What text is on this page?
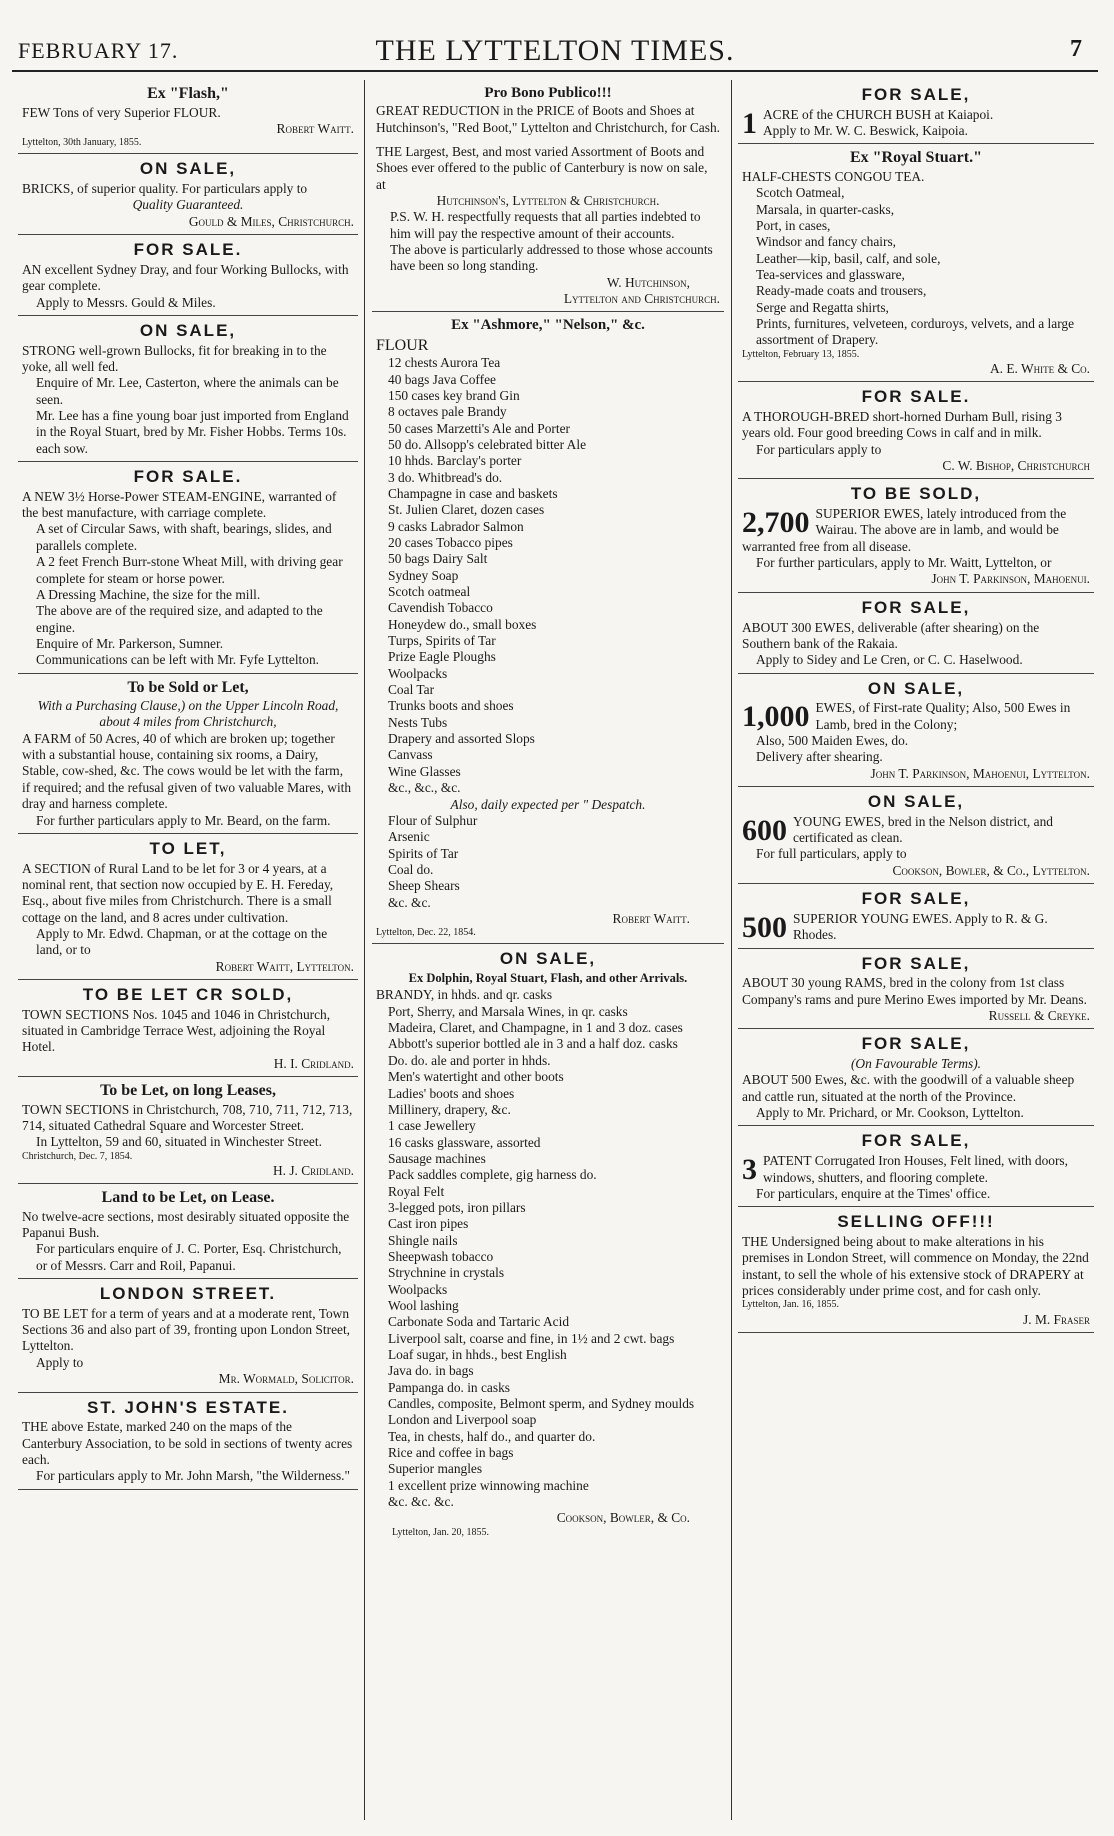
FEBRUARY 17.	THE LYTTELTON TIMES.	7
Ex "Flash,"

FEW Tons of very Superior FLOUR.

Robert Waitt.

Lyttelton, 30th January, 1855.

ON SALE,

BRICKS, of superior quality. For particulars apply to

Quality Guaranteed.

Gould & Miles, Christchurch.

FOR SALE.

AN excellent Sydney Dray, and four Working Bullocks, with gear complete.

Apply to Messrs. Gould & Miles.

ON SALE,

STRONG well-grown Bullocks, fit for breaking in to the yoke, all well fed.

Enquire of Mr. Lee, Casterton, where the animals can be seen.

Mr. Lee has a fine young boar just imported from England in the Royal Stuart, bred by Mr. Fisher Hobbs. Terms 10s. each sow.

FOR SALE.

A NEW 3½ Horse-Power STEAM-ENGINE, warranted of the best manufacture, with carriage complete.

A set of Circular Saws, with shaft, bearings, slides, and parallels complete.

A 2 feet French Burr-stone Wheat Mill, with driving gear complete for steam or horse power.

A Dressing Machine, the size for the mill.

The above are of the required size, and adapted to the engine.

Enquire of Mr. Parkerson, Sumner.

Communications can be left with Mr. Fyfe Lyttelton.

To be Sold or Let,

With a Purchasing Clause,) on the Upper Lincoln Road, about 4 miles from Christchurch,

A FARM of 50 Acres, 40 of which are broken up; together with a substantial house, containing six rooms, a Dairy, Stable, cow-shed, &c. The cows would be let with the farm, if required; and the refusal given of two valuable Mares, with dray and harness complete.

For further particulars apply to Mr. Beard, on the farm.

TO LET,

A SECTION of Rural Land to be let for 3 or 4 years, at a nominal rent, that section now occupied by E. H. Fereday, Esq., about five miles from Christchurch. There is a small cottage on the land, and 8 acres under cultivation.

Apply to Mr. Edwd. Chapman, or at the cottage on the land, or to

Robert Waitt, Lyttelton.

TO BE LET CR SOLD,

TOWN SECTIONS Nos. 1045 and 1046 in Christchurch, situated in Cambridge Terrace West, adjoining the Royal Hotel.

H. I. Cridland.

To be Let, on long Leases,

TOWN SECTIONS in Christchurch, 708, 710, 711, 712, 713, 714, situated Cathedral Square and Worcester Street.

In Lyttelton, 59 and 60, situated in Winchester Street.

Christchurch, Dec. 7, 1854.

H. J. Cridland.

Land to be Let, on Lease.

No twelve-acre sections, most desirably situated opposite the Papanui Bush.

For particulars enquire of J. C. Porter, Esq. Christchurch, or of Messrs. Carr and Roil, Papanui.

LONDON STREET.

TO BE LET for a term of years and at a moderate rent, Town Sections 36 and also part of 39, fronting upon London Street, Lyttelton.

Apply to

Mr. Wormald, Solicitor.

ST. JOHN'S ESTATE.

THE above Estate, marked 240 on the maps of the Canterbury Association, to be sold in sections of twenty acres each.

For particulars apply to Mr. John Marsh, "the Wilderness."

Pro Bono Publico!!!

GREAT REDUCTION in the PRICE of Boots and Shoes at Hutchinson's, "Red Boot," Lyttelton and Christchurch, for Cash.

THE Largest, Best, and most varied Assortment of Boots and Shoes ever offered to the public of Canterbury is now on sale, at

Hutchinson's, Lyttelton & Christchurch.

P.S. W. H. respectfully requests that all parties indebted to him will pay the respective amount of their accounts.

The above is particularly addressed to those whose accounts have been so long standing.

W. Hutchinson,

Lyttelton and Christchurch.

Ex "Ashmore," "Nelson," &c.

FLOUR

12 chests Aurora Tea

40 bags Java Coffee

150 cases key brand Gin

8 octaves pale Brandy

50 cases Marzetti's Ale and Porter

50 do. Allsopp's celebrated bitter Ale

10 hhds. Barclay's porter

3 do. Whitbread's do.

Champagne in case and baskets

St. Julien Claret, dozen cases

9 casks Labrador Salmon

20 cases Tobacco pipes

50 bags Dairy Salt

Sydney Soap

Scotch oatmeal

Cavendish Tobacco

Honeydew do., small boxes

Turps, Spirits of Tar

Prize Eagle Ploughs

Woolpacks

Coal Tar

Trunks boots and shoes

Nests Tubs

Drapery and assorted Slops

Canvass

Wine Glasses

&c., &c., &c.

Also, daily expected per " Despatch.

Flour of Sulphur

Arsenic

Spirits of Tar

Coal do.

Sheep Shears

&c. &c.

Robert Waitt.

Lyttelton, Dec. 22, 1854.

ON SALE,
Ex Dolphin, Royal Stuart, Flash, and other Arrivals.

BRANDY, in hhds. and qr. casks

Port, Sherry, and Marsala Wines, in qr. casks

Madeira, Claret, and Champagne, in 1 and 3 doz. cases

Abbott's superior bottled ale in 3 and a half doz. casks

Do. do. ale and porter in hhds.

Men's watertight and other boots

Ladies' boots and shoes

Millinery, drapery, &c.

1 case Jewellery

16 casks glassware, assorted

Sausage machines

Pack saddles complete, gig harness do.

Royal Felt

3-legged pots, iron pillars

Cast iron pipes

Shingle nails

Sheepwash tobacco

Strychnine in crystals

Woolpacks

Wool lashing

Carbonate Soda and Tartaric Acid

Liverpool salt, coarse and fine, in 1½ and 2 cwt. bags

Loaf sugar, in hhds., best English

Java do. in bags

Pampanga do. in casks

Candles, composite, Belmont sperm, and Sydney moulds

London and Liverpool soap

Tea, in chests, half do., and quarter do.

Rice and coffee in bags

Superior mangles

1 excellent prize winnowing machine

&c. &c. &c.

Cookson, Bowler, & Co.

Lyttelton, Jan. 20, 1855.

FOR SALE,
1 ACRE of the CHURCH BUSH at Kaiapoi.

Apply to Mr. W. C. Beswick, Kaipoia.

Ex "Royal Stuart."

HALF-CHESTS CONGOU TEA.

Scotch Oatmeal,

Marsala, in quarter-casks,

Port, in cases,

Windsor and fancy chairs,

Leather—kip, basil, calf, and sole,

Tea-services and glassware,

Ready-made coats and trousers,

Serge and Regatta shirts,

Prints, furnitures, velveteen, corduroys, velvets, and a large assortment of Drapery.

Lyttelton, February 13, 1855.

A. E. White & Co.

FOR SALE.

A THOROUGH-BRED short-horned Durham Bull, rising 3 years old. Four good breeding Cows in calf and in milk.

For particulars apply to

C. W. Bishop, Christchurch

TO BE SOLD,
2,700 SUPERIOR EWES, lately introduced from the Wairau. The above are in lamb, and would be warranted free from all disease.

For further particulars, apply to Mr. Waitt, Lyttelton, or

John T. Parkinson, Mahoenui.

FOR SALE,

ABOUT 300 EWES, deliverable (after shearing) on the Southern bank of the Rakaia.

Apply to Sidey and Le Cren, or C. C. Haselwood.

ON SALE,
1,000 EWES, of First-rate Quality; Also, 500 Ewes in Lamb, bred in the Colony;

Also, 500 Maiden Ewes, do.

Delivery after shearing.

John T. Parkinson, Mahoenui, Lyttelton.

ON SALE,
600 YOUNG EWES, bred in the Nelson district, and certificated as clean.

For full particulars, apply to

Cookson, Bowler, & Co., Lyttelton.

FOR SALE,
500 SUPERIOR YOUNG EWES. Apply to R. & G. Rhodes.

FOR SALE,

ABOUT 30 young RAMS, bred in the colony from 1st class Company's rams and pure Merino Ewes imported by Mr. Deans.

Russell & Creyke.

FOR SALE,

(On Favourable Terms).

ABOUT 500 Ewes, &c. with the goodwill of a valuable sheep and cattle run, situated at the north of the Province.

Apply to Mr. Prichard, or Mr. Cookson, Lyttelton.

FOR SALE,
3 PATENT Corrugated Iron Houses, Felt lined, with doors, windows, shutters, and flooring complete.

For particulars, enquire at the Times' office.

SELLING OFF!!!

THE Undersigned being about to make alterations in his premises in London Street, will commence on Monday, the 22nd instant, to sell the whole of his extensive stock of DRAPERY at prices considerably under prime cost, and for cash only.

Lyttelton, Jan. 16, 1855.

J. M. Fraser
